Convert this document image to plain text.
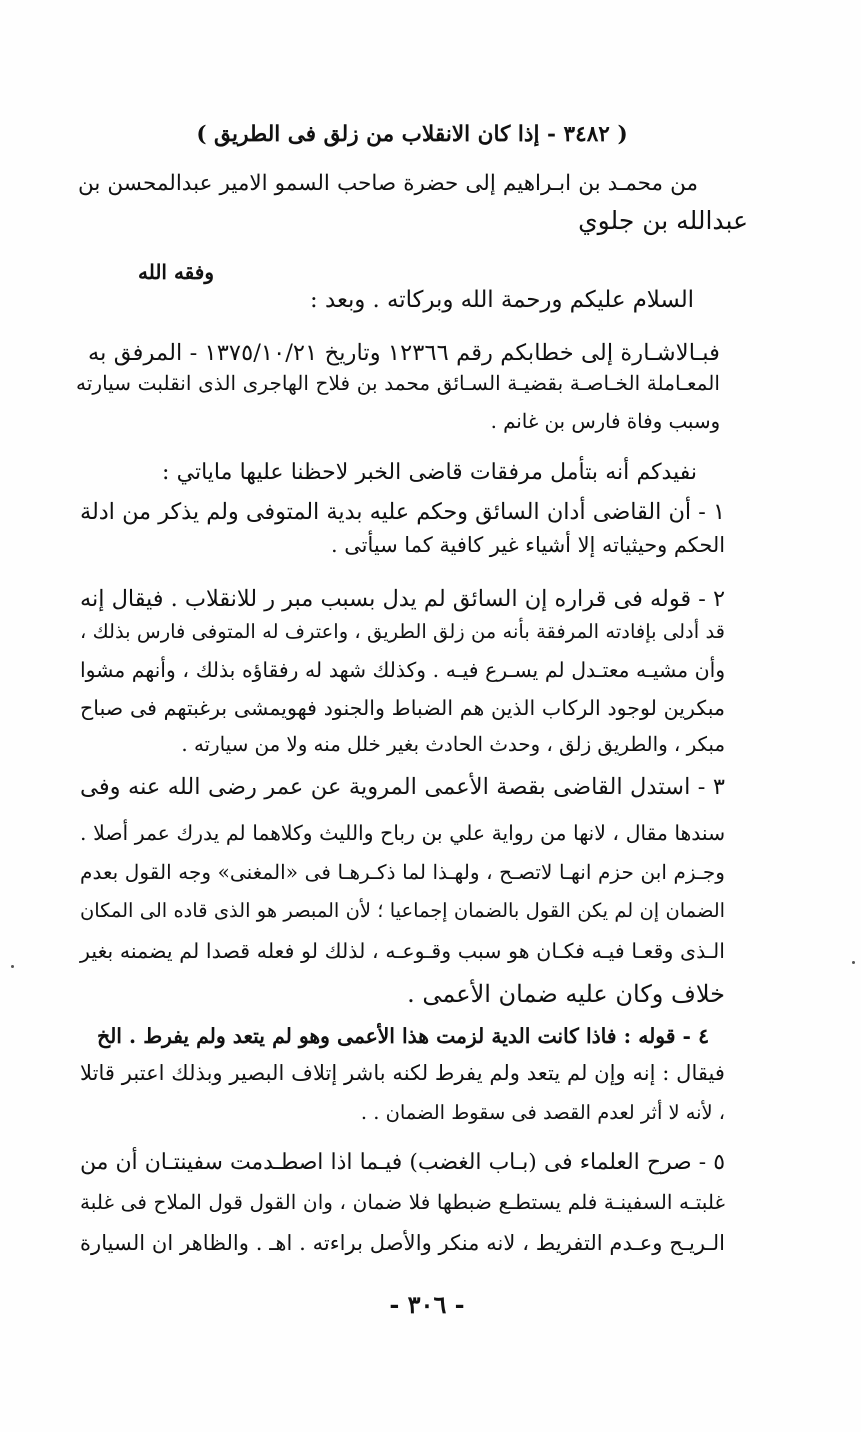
( ٣٤٨٢ - إذا كان الانقلاب من زلق فى الطريق )
من محمـد بن ابـراهيم إلى حضرة صاحب السمو الامير عبدالمحسن بن
عبدالله بن جلوي
وفقه الله
السلام عليكم ورحمة الله وبركاته . وبعد :
فبـالاشـارة إلى خطابكم رقم ١٢٣٦٦ وتاريخ ١٣٧٥/١٠/٢١ - المرفق به
المعـاملة الخـاصـة بقضيـة السـائق محمد بن فلاح الهاجرى الذى انقلبت سيارته
وسبب وفاة فارس بن غانم .
نفيدكم أنه بتأمل مرفقات قاضى الخبر لاحظنا عليها ماياتي :
١ - أن القاضى أدان السائق وحكم عليه بدية المتوفى ولم يذكر من ادلة
الحكم وحيثياته إلا أشياء غير كافية كما سيأتى .
٢ - قوله فى قراره إن السائق لم يدل بسبب مبر ر للانقلاب . فيقال إنه
قد أدلى بإفادته المرفقة بأنه من زلق الطريق ، واعترف له المتوفى فارس بذلك ،
وأن مشيـه معتـدل لم يسـرع فيـه . وكذلك شهد له رفقاؤه بذلك ، وأنهم مشوا
مبكرين لوجود الركاب الذين هم الضباط والجنود فهويمشى برغبتهم فى صباح
مبكر ، والطريق زلق ، وحدث الحادث بغير خلل منه ولا من سيارته .
٣ - استدل القاضى بقصة الأعمى المروية عن عمر رضى الله عنه وفى
سندها مقال ، لانها من رواية علي بن رباح والليث وكلاهما لم يدرك عمر أصلا .
وجـزم ابن حزم انهـا لاتصـح ، ولهـذا لما ذكـرهـا فى «المغنى» وجه القول بعدم
الضمان إن لم يكن القول بالضمان إجماعيا ؛ لأن المبصر هو الذى قاده الى المكان
الـذى وقعـا فيـه فكـان هو سبب وقـوعـه ، لذلك لو فعله قصدا لم يضمنه بغير
خلاف وكان عليه ضمان الأعمى .
٤ - قوله : فاذا كانت الدية لزمت هذا الأعمى وهو لم يتعد ولم يفرط . الخ
فيقال : إنه وإن لم يتعد ولم يفرط لكنه باشر إتلاف البصير وبذلك اعتبر قاتلا
، لأنه لا أثر لعدم القصد فى سقوط الضمان . .
٥ - صرح العلماء فى (بـاب الغضب) فيـما اذا اصطـدمت سفينتـان أن من
غلبتـه السفينـة فلم يستطـع ضبطها فلا ضمان ، وان القول قول الملاح فى غلبة
الـريـح وعـدم التفريط ، لانه منكر والأصل براءته . اهـ . والظاهر ان السيارة
- ٣٠٦ -
